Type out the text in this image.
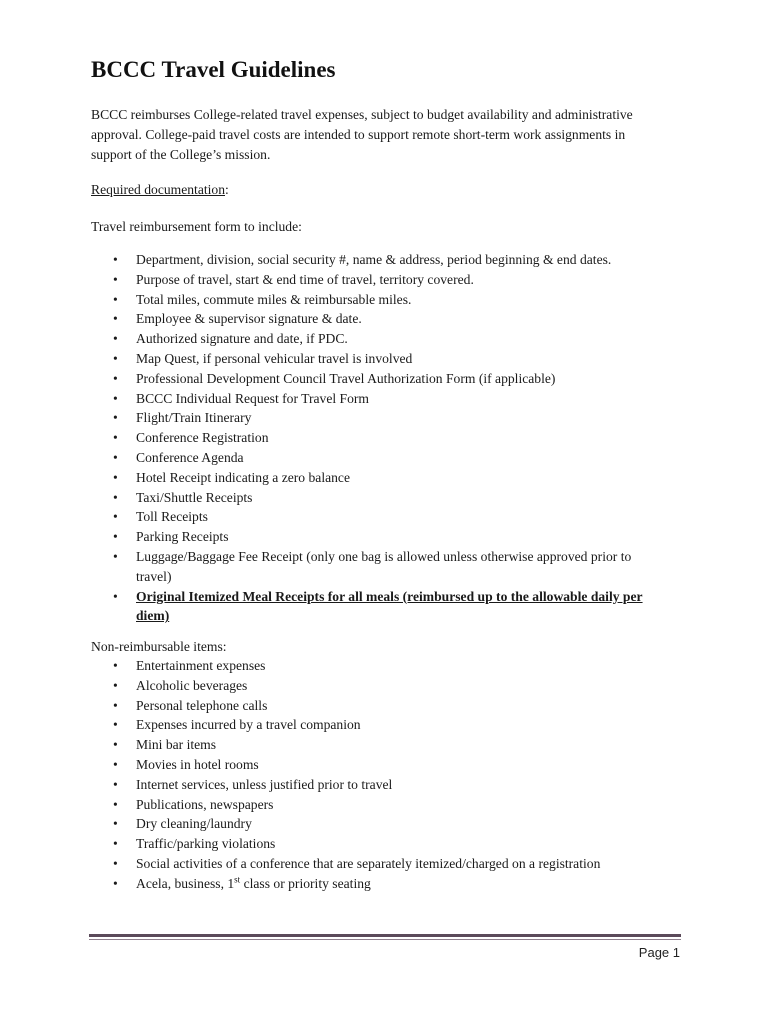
BCCC Travel Guidelines

BCCC reimburses College-related travel expenses, subject to budget availability and administrative approval. College-paid travel costs are intended to support remote short-term work assignments in support of the College’s mission.

Required documentation:

Travel reimbursement form to include:

• Department, division, social security #, name & address, period beginning & end dates.
• Purpose of travel, start & end time of travel, territory covered.
• Total miles, commute miles & reimbursable miles.
• Employee & supervisor signature & date.
• Authorized signature and date, if PDC.
• Map Quest, if personal vehicular travel is involved
• Professional Development Council Travel Authorization Form (if applicable)
• BCCC Individual Request for Travel Form
• Flight/Train Itinerary
• Conference Registration
• Conference Agenda
• Hotel Receipt indicating a zero balance
• Taxi/Shuttle Receipts
• Toll Receipts
• Parking Receipts
• Luggage/Baggage Fee Receipt (only one bag is allowed unless otherwise approved prior to travel)
• Original Itemized Meal Receipts for all meals (reimbursed up to the allowable daily per diem)

Non-reimbursable items:

• Entertainment expenses
• Alcoholic beverages
• Personal telephone calls
• Expenses incurred by a travel companion
• Mini bar items
• Movies in hotel rooms
• Internet services, unless justified prior to travel
• Publications, newspapers
• Dry cleaning/laundry
• Traffic/parking violations
• Social activities of a conference that are separately itemized/charged on a registration
• Acela, business, 1st class or priority seating

Page 1
